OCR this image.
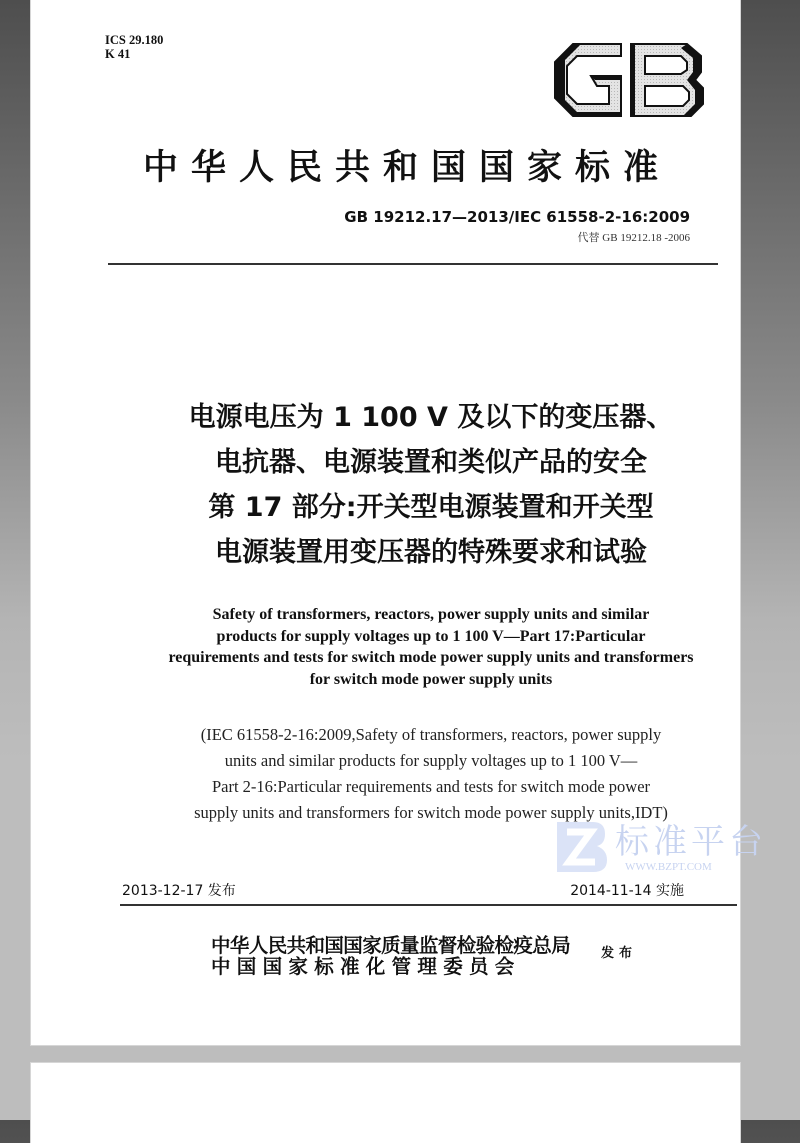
ICS 29.180
K 41
中华人民共和国国家标准
GB 19212.17—2013/IEC 61558-2-16:2009
代替 GB 19212.18 -2006
电源电压为 1 100 V 及以下的变压器、
电抗器、电源装置和类似产品的安全
第 17 部分:开关型电源装置和开关型
电源装置用变压器的特殊要求和试验
Safety of transformers, reactors, power supply units and similar
products for supply voltages up to 1 100 V—Part 17:Particular
requirements and tests for switch mode power supply units and transformers
for switch mode power supply units
(IEC 61558-2-16:2009,Safety of transformers, reactors, power supply
units and similar products for supply voltages up to 1 100 V—
Part 2-16:Particular requirements and tests for switch mode power
supply units and transformers for switch mode power supply units,IDT)
标准平台
WWW.BZPT.COM
2013-12-17 发布	2014-11-14 实施
中华人民共和国国家质量监督检验检疫总局
中国国家标准化管理委员会
发布
